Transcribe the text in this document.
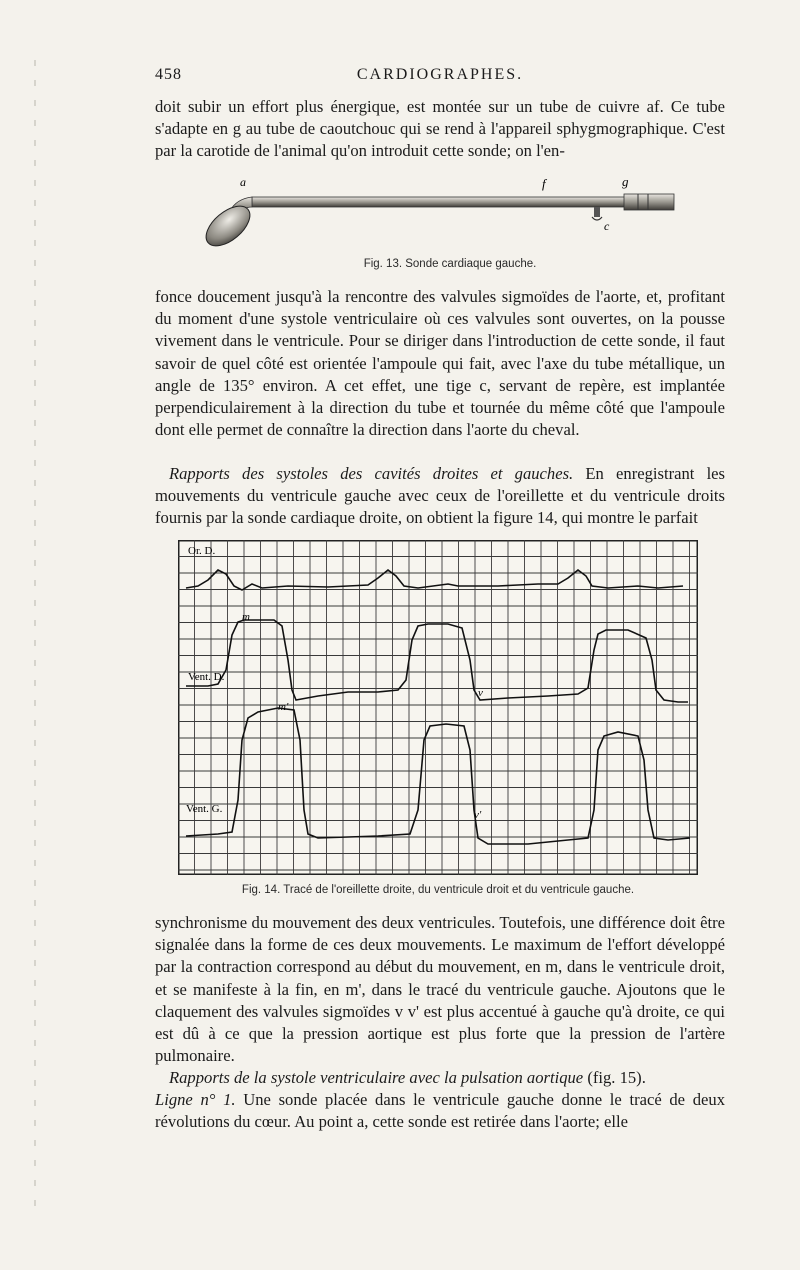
458	CARDIOGRAPHES.

doit subir un effort plus énergique, est montée sur un tube de cuivre af. Ce tube s'adapte en g au tube de caoutchouc qui se rend à l'appareil sphygmographique. C'est par la carotide de l'animal qu'on introduit cette sonde; on l'en-

a	f	g
c
Fig. 13. Sonde cardiaque gauche.

fonce doucement jusqu'à la rencontre des valvules sigmoïdes de l'aorte, et, profitant du moment d'une systole ventriculaire où ces valvules sont ouvertes, on la pousse vivement dans le ventricule. Pour se diriger dans l'introduction de cette sonde, il faut savoir de quel côté est orientée l'ampoule qui fait, avec l'axe du tube métallique, un angle de 135° environ. A cet effet, une tige c, servant de repère, est implantée perpendiculairement à la direction du tube et tournée du même côté que l'ampoule dont elle permet de connaître la direction dans l'aorte du cheval.

Rapports des systoles des cavités droites et gauches. En enregistrant les mouvements du ventricule gauche avec ceux de l'oreillette et du ventricule droits fournis par la sonde cardiaque droite, on obtient la figure 14, qui montre le parfait

Or. D.
Vent. D.
Vent. G.
m
m'
v
v'
Fig. 14. Tracé de l'oreillette droite, du ventricule droit et du ventricule gauche.

synchronisme du mouvement des deux ventricules. Toutefois, une différence doit être signalée dans la forme de ces deux mouvements. Le maximum de l'effort développé par la contraction correspond au début du mouvement, en m, dans le ventricule droit, et se manifeste à la fin, en m', dans le tracé du ventricule gauche. Ajoutons que le claquement des valvules sigmoïdes v v' est plus accentué à gauche qu'à droite, ce qui est dû à ce que la pression aortique est plus forte que la pression de l'artère pulmonaire.

Rapports de la systole ventriculaire avec la pulsation aortique (fig. 15).

Ligne n° 1. Une sonde placée dans le ventricule gauche donne le tracé de deux révolutions du cœur. Au point a, cette sonde est retirée dans l'aorte; elle
